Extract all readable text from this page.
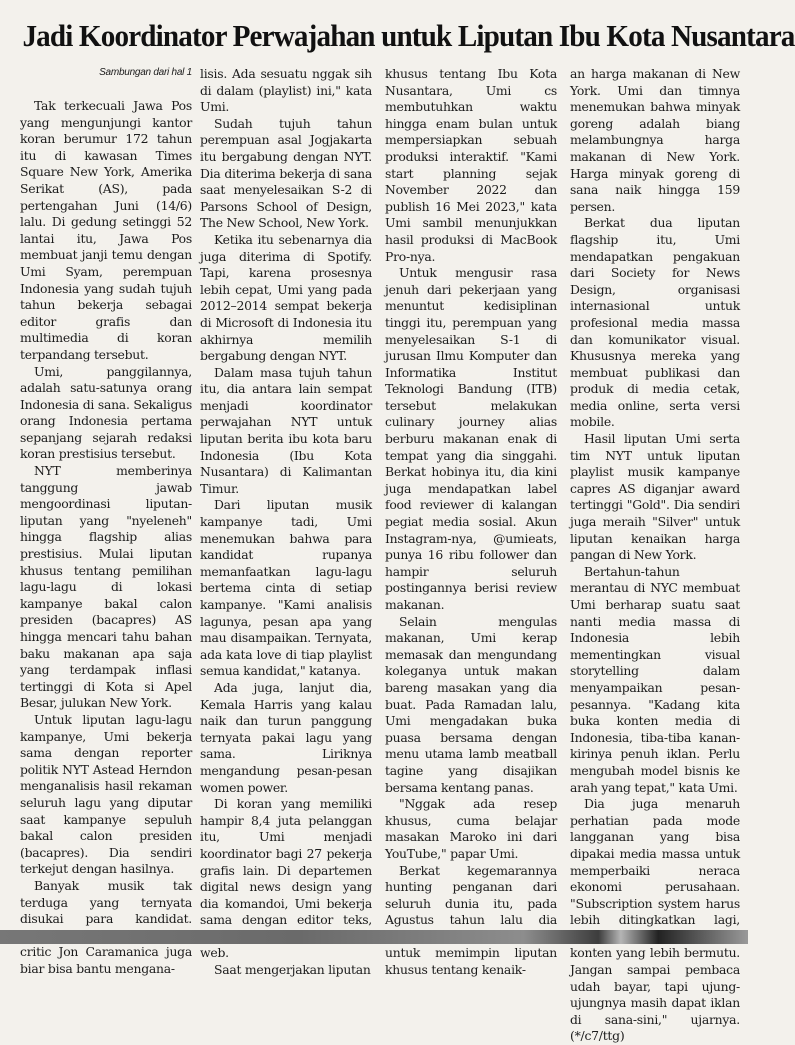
Jadi Koordinator Perwajahan untuk Liputan Ibu Kota Nusantara
Sambungan dari hal 1

Tak terkecuali Jawa Pos yang mengunjungi kantor koran berumur 172 tahun itu di kawasan Times Square New York, Amerika Serikat (AS), pada pertengahan Juni (14/6) lalu. Di gedung setinggi 52 lantai itu, Jawa Pos membuat janji temu dengan Umi Syam, perempuan Indonesia yang sudah tujuh tahun bekerja sebagai editor grafis dan multimedia di koran terpandang tersebut.

Umi, panggilannya, adalah satu-satunya orang Indonesia di sana. Sekaligus orang Indonesia pertama sepanjang sejarah redaksi koran prestisius tersebut.

NYT memberinya tanggung jawab mengoordinasi liputan-liputan yang "nyeleneh" hingga flagship alias prestisius. Mulai liputan khusus tentang pemilihan lagu-lagu di lokasi kampanye bakal calon presiden (bacapres) AS hingga mencari tahu bahan baku makanan apa saja yang terdampak inflasi tertinggi di Kota si Apel Besar, julukan New York.

Untuk liputan lagu-lagu kampanye, Umi bekerja sama dengan reporter politik NYT Astead Herndon menganalisis hasil rekaman seluruh lagu yang diputar saat kampanye sepuluh bakal calon presiden (bacapres). Dia sendiri terkejut dengan hasilnya.

Banyak musik tak terduga yang ternyata disukai para kandidat. critic Jon Caramanica juga biar bisa bantu mengana-

lisis. Ada sesuatu nggak sih di dalam (playlist) ini," kata Umi.

Sudah tujuh tahun perempuan asal Jogjakarta itu bergabung dengan NYT. Dia diterima bekerja di sana saat menyelesaikan S-2 di Parsons School of Design, The New School, New York.

Ketika itu sebenarnya dia juga diterima di Spotify. Tapi, karena prosesnya lebih cepat, Umi yang pada 2012–2014 sempat bekerja di Microsoft di Indonesia itu akhirnya memilih bergabung dengan NYT.

Dalam masa tujuh tahun itu, dia antara lain sempat menjadi koordinator perwajahan NYT untuk liputan berita ibu kota baru Indonesia (Ibu Kota Nusantara) di Kalimantan Timur.

Dari liputan musik kampanye tadi, Umi menemukan bahwa para kandidat rupanya memanfaatkan lagu-lagu bertema cinta di setiap kampanye. "Kami analisis lagunya, pesan apa yang mau disampaikan. Ternyata, ada kata love di tiap playlist semua kandidat," katanya.

Ada juga, lanjut dia, Kemala Harris yang kalau naik dan turun panggung ternyata pakai lagu yang sama. Liriknya mengandung pesan-pesan women power.

Di koran yang memiliki hampir 8,4 juta pelanggan itu, Umi menjadi koordinator bagi 27 pekerja grafis lain. Di departemen digital news design yang dia komandoi, Umi bekerja sama dengan editor teks, web.

Saat mengerjakan liputan

khusus tentang Ibu Kota Nusantara, Umi cs membutuhkan waktu hingga enam bulan untuk mempersiapkan sebuah produksi interaktif. "Kami start planning sejak November 2022 dan publish 16 Mei 2023," kata Umi sambil menunjukkan hasil produksi di MacBook Pro-nya.

Untuk mengusir rasa jenuh dari pekerjaan yang menuntut kedisiplinan tinggi itu, perempuan yang menyelesaikan S-1 di jurusan Ilmu Komputer dan Informatika Institut Teknologi Bandung (ITB) tersebut melakukan culinary journey alias berburu makanan enak di tempat yang dia singgahi. Berkat hobinya itu, dia kini juga mendapatkan label food reviewer di kalangan pegiat media sosial. Akun Instagram-nya, @umieats, punya 16 ribu follower dan hampir seluruh postingannya berisi review makanan.

Selain mengulas makanan, Umi kerap memasak dan mengundang koleganya untuk makan bareng masakan yang dia buat. Pada Ramadan lalu, Umi mengadakan buka puasa bersama dengan menu utama lamb meatball tagine yang disajikan bersama kentang panas.

"Nggak ada resep khusus, cuma belajar masakan Maroko ini dari YouTube," papar Umi.

Berkat kegemarannya hunting penganan dari seluruh dunia itu, pada Agustus tahun lalu dia untuk memimpin liputan khusus tentang kenaik-

an harga makanan di New York. Umi dan timnya menemukan bahwa minyak goreng adalah biang melambungnya harga makanan di New York. Harga minyak goreng di sana naik hingga 159 persen.

Berkat dua liputan flagship itu, Umi mendapatkan pengakuan dari Society for News Design, organisasi internasional untuk profesional media massa dan komunikator visual. Khususnya mereka yang membuat publikasi dan produk di media cetak, media online, serta versi mobile.

Hasil liputan Umi serta tim NYT untuk liputan playlist musik kampanye capres AS diganjar award tertinggi "Gold". Dia sendiri juga meraih "Silver" untuk liputan kenaikan harga pangan di New York.

Bertahun-tahun merantau di NYC membuat Umi berharap suatu saat nanti media massa di Indonesia lebih mementingkan visual storytelling dalam menyampaikan pesan-pesannya. "Kadang kita buka konten media di Indonesia, tiba-tiba kanan-kirinya penuh iklan. Perlu mengubah model bisnis ke arah yang tepat," kata Umi.

Dia juga menaruh perhatian pada mode langganan yang bisa dipakai media massa untuk memperbaiki neraca ekonomi perusahaan. "Subscription system harus lebih ditingkatkan lagi, konten yang lebih bermutu. Jangan sampai pembaca udah bayar, tapi ujung-ujungnya masih dapat iklan di sana-sini," ujarnya. (*/c7/ttg)
